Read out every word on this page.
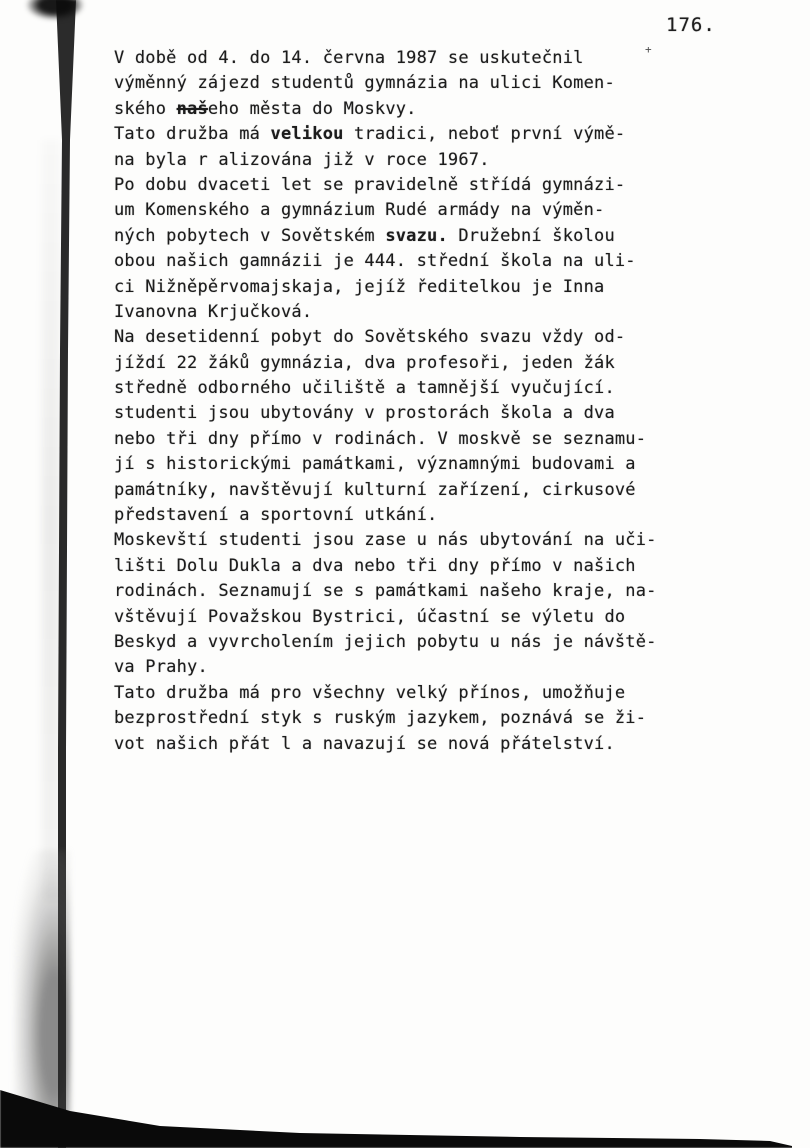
176.
V době od 4. do 14. června 1987 se uskutečnil
výměnný zájezd studentů gymnázia na ulici Komen-
ského našeho města do Moskvy.
Tato družba má velikou tradici, neboť první výmě-
na byla r alizována již v roce 1967.
Po dobu dvaceti let se pravidelně střídá gymnázi-
um Komenského a gymnázium Rudé armády na výměn-
ných pobytech v Sovětském svazu. Družební školou
obou našich gamnázii je 444. střední škola na uli-
ci Nižněpěrvomajskaja, jejíž ředitelkou je Inna
Ivanovna Krjučková.
Na desetidenní pobyt do Sovětského svazu vždy od-
jíždí 22 žáků gymnázia, dva profesoři, jeden žák
středně odborného učiliště a tamnější vyučující.
studenti jsou ubytovány v prostorách škola a dva
nebo tři dny přímo v rodinách. V moskvě se seznamu-
jí s historickými památkami, významnými budovami a
památníky, navštěvují kulturní zařízení, cirkusové
představení a sportovní utkání.
Moskevští studenti jsou zase u nás ubytování na uči-
lišti Dolu Dukla a dva nebo tři dny přímo v našich
rodinách. Seznamují se s památkami našeho kraje, na-
vštěvují Považskou Bystrici, účastní se výletu do
Beskyd a vyvrcholením jejich pobytu u nás je návště-
va Prahy.
Tato družba má pro všechny velký přínos, umožňuje
bezprostřední styk s ruským jazykem, poznává se ži-
vot našich přát l a navazují se nová přátelství.
+
